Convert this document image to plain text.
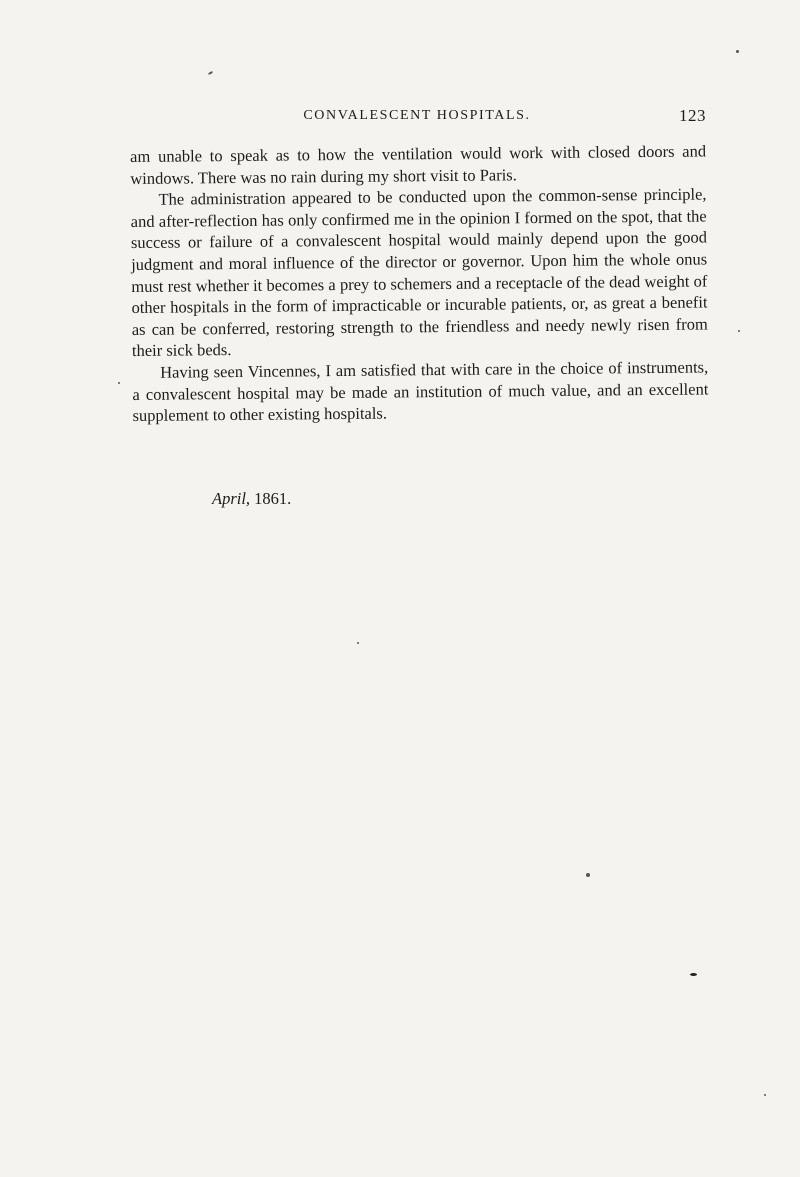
CONVALESCENT HOSPITALS.	123

am unable to speak as to how the ventilation would work with closed doors and windows. There was no rain during my short visit to Paris.

The administration appeared to be conducted upon the common-sense principle, and after-reflection has only confirmed me in the opinion I formed on the spot, that the success or failure of a convalescent hospital would mainly depend upon the good judgment and moral influence of the director or governor. Upon him the whole onus must rest whether it becomes a prey to schemers and a receptacle of the dead weight of other hospitals in the form of impracticable or incurable patients, or, as great a benefit as can be conferred, restoring strength to the friendless and needy newly risen from their sick beds.

Having seen Vincennes, I am satisfied that with care in the choice of instruments, a convalescent hospital may be made an institution of much value, and an excellent supplement to other existing hospitals.

April, 1861.
